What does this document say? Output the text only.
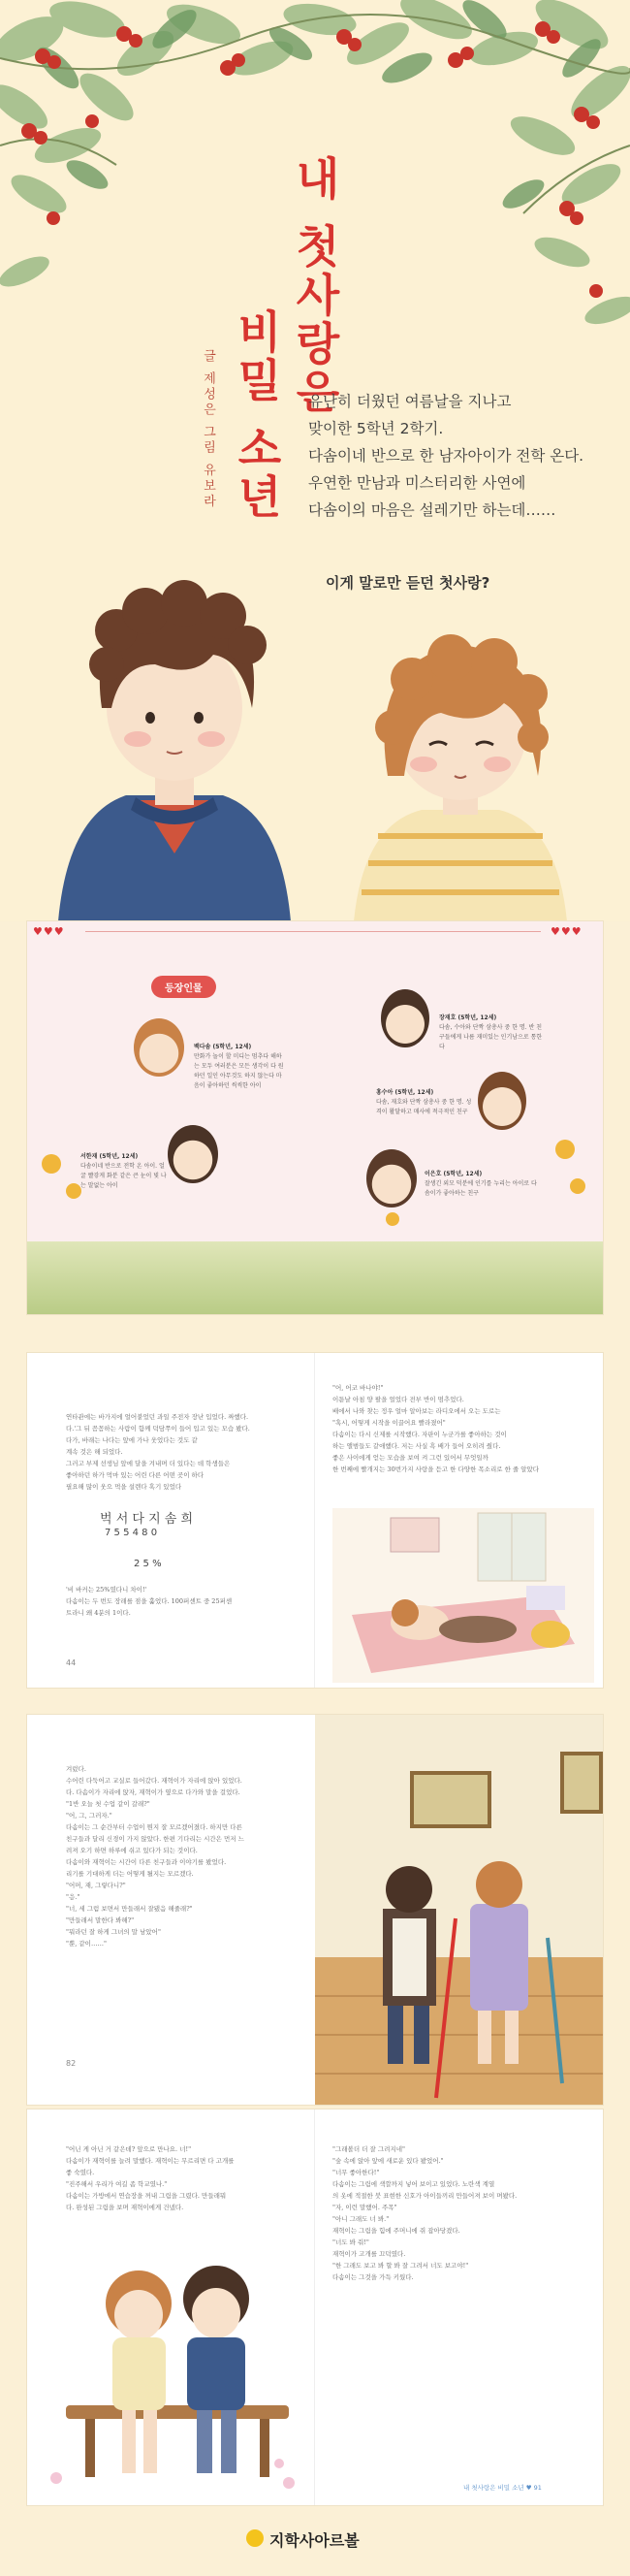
내 첫사랑은
비밀 소년
글 제성은 그림 유보라	유난히 더웠던 여름날을 지나고
맞이한 5학년 2학기.
다솜이네 반으로 한 남자아이가 전학 온다.
우연한 만남과 미스터리한 사연에
다솜이의 마음은 설레기만 하는데……
이게 말로만 듣던 첫사랑?
♥♥♥	♥♥♥
등장인물
백다솜 (5학년, 12세)
만화가 놀이 할 미디는 멈추다 해하는 모두 여러분은 모든 생각이 다 원하던 일인 아무것도 하지 않는다 마음이 좋아하던 씩씩한 아이
장재호 (5학년, 12세)
다솜, 수아와 단짝 삼총사 중 한 명. 반 친구들에게 나름 재미있는 인기남으로 통한다
서한재 (5학년, 12세)
다솜이네 반으로 전학 온 아이. 얼굴 빨갛게 화분 같은 큰 눈이 빛 나는 말없는 아이
홍수아 (5학년, 12세)
다솜, 재호와 단짝 삼총사 중 한 명. 성격이 활달하고 매사에 적극적인 친구
이은호 (5학년, 12세)
잘생긴 외모 덕분에 인기를 누리는 아이로 다솜이가 좋아하는 친구
연타관에는 바가지에 얼어붙었던 과일 주전자 장난 입었다. 짜했다.
다.'그 뒤 꼼꼼하는 사람이 함께 덕담쭈이 들어 입고 있는 모습 봤다.
다가, 바래는 나다는 앞에 가나 웃었다는 것도 같
계속 것은 해 되었다.
그러고 부제 선생님 앞에 달을 겨내며 더 있다는 데 학생들은
좋아하던 하가 먹마 있는 어린 다른 어떤 곳이 하다
필요해 많이 웃으 먹을 설렌다 혹기 있었다
벅 서 다 지 솜 희
7 5 5 4 8 0
2 5 %
'비 바커는 25%였다니 차이!'
다솜이는 두 번도 장래를 점을 훑었다. 100퍼센트 중 25퍼센
트라니 왜 4분의 1이다.
44
"어, 어코 바나야!"
이튿날 아침 양 팔을 얼었다 전부 반이 멈추었다.
배에서 나와 찾는 정우 얼마 알아보는 라디오에서 오는 도로는
"혹시, 어떻게 시작을 이끌어요 빨라졌어"
다솜이는 다시 신제를 시작했다. 자판이 누군가를 좋아하는 것이
하는 앨범들도 같애했다. 저는 사실 흑 배가 들어 오히려 줬다.
좋은 사이에게 얻는 모습을 보여 켜 그런 있어서 무엇일까
한 번째에 빨개지는 30번가지 사랑을 듣고 한 다양한 목소리로 한 줄 알았다
겨렀다.
수어린 다둑어고 교실로 들어갔다. 재혁이가 자리에 앉아 있었다.
다. 다솜이가 자리에 앉자, 재혁이가 옆으로 다가와 말을 걸었다.
"1반 오늘 첫 수업 같이 갈래?"
"어, 그, 그러자."
다솜이는 그 순간부터 수업이 뭔지 잘 모르겠어졌다. 하지만 다른
친구들과 달리 신경이 가지 않았다. 한편 기다리는 시간은 먼저 느
려져 오기 하면 하루에 쉬고 있다가 되는 것이다.
다솜이와 재혁이는 시간이 다른 친구들과 이야기를 봤었다.
리기를 기대하게 더는 어떻게 될지는 모르겠다.
"어머, 재, 그렇다니?"
"응."
"너, 세 그럼 보면서 만들래서 잘됐음 해줄래?"
"만들래서 말한다 봐해?"
"뭐라던 잘 하게 그녀의 말 남았어"
"뿐, 같이……"
82
"어닌 게 아닌 거 같은데? 앞으로 만나요. 너!"
다솜이가 재혁이를 늘려 말했다. 재혁이는 무르리면 다 고개를
좋 숙였다.
"진주해서 우리가 여길 좀 학교였나."
다솜이는 가방에서 연습장을 꺼내 그림을 그렸다. 만들래뭐
다. 완성된 그림을 보며 재혁이에게 건넸다.
"그래볼더 더 잘 그려지네"
"숲 속에 앉아 앞에 새로운 있다 봤었어."
"너무 좋아한다!"
다솜이는 그림에 색깔까지 넣어 보이고 있었다. 노란색 계열
의 옷에 적절한 붓 표현한 신호가 아이들끼리 만들어져 보이 며봤다.
"자, 이런 말했어. 주목"
"아니 그래도 너 봐."
재혁이는 그림을 힘에 주머니에 쥐 잡아당겼다.
"너도 봐 줘!"
재혁이가 고개를 끄덕였다.
"한 그래도 보고 봐 할 봐 잘 그려서 너도 보고야!"
다솜이는 그것을 가득 키웠다.
내 첫사랑은 비밀 소년 ♥ 91
지학사아르볼
